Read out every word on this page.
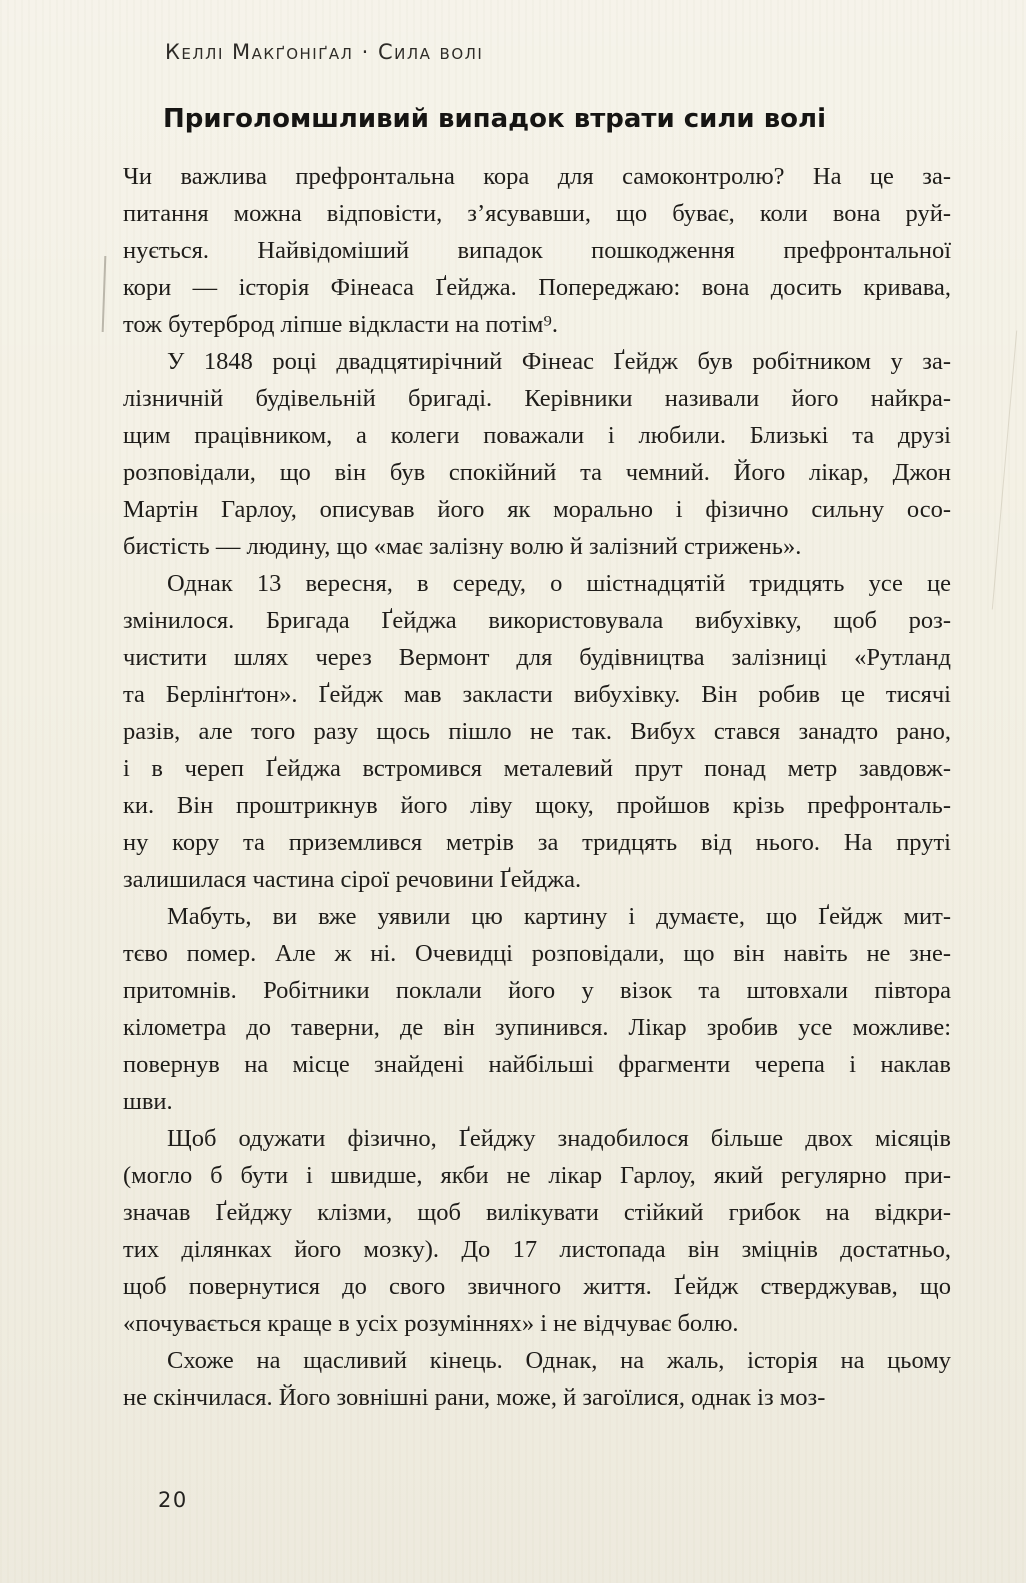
Келлі Макґоніґал · Сила волі
Приголомшливий випадок втрати сили волі
Чи важлива префронтальна кора для самоконтролю? На це за-
питання можна відповісти, з’ясувавши, що буває, коли вона руй-
нується. Найвідоміший випадок пошкодження префронтальної
кори — історія Фінеаса Ґейджа. Попереджаю: вона досить кривава,
тож бутерброд ліпше відкласти на потім⁹.
У 1848 році двадцятирічний Фінеас Ґейдж був робітником у за-
лізничній будівельній бригаді. Керівники називали його найкра-
щим працівником, а колеги поважали і любили. Близькі та друзі
розповідали, що він був спокійний та чемний. Його лікар, Джон
Мартін Гарлоу, описував його як морально і фізично сильну осо-
бистість — людину, що «має залізну волю й залізний стрижень».
Однак 13 вересня, в середу, о шістнадцятій тридцять усе це
змінилося. Бригада Ґейджа використовувала вибухівку, щоб роз-
чистити шлях через Вермонт для будівництва залізниці «Рутланд
та Берлінґтон». Ґейдж мав закласти вибухівку. Він робив це тисячі
разів, але того разу щось пішло не так. Вибух стався занадто рано,
і в череп Ґейджа встромився металевий прут понад метр завдовж-
ки. Він проштрикнув його ліву щоку, пройшов крізь префронталь-
ну кору та приземлився метрів за тридцять від нього. На пруті
залишилася частина сірої речовини Ґейджа.
Мабуть, ви вже уявили цю картину і думаєте, що Ґейдж мит-
тєво помер. Але ж ні. Очевидці розповідали, що він навіть не зне-
притомнів. Робітники поклали його у візок та штовхали півтора
кілометра до таверни, де він зупинився. Лікар зробив усе можливе:
повернув на місце знайдені найбільші фрагменти черепа і наклав
шви.
Щоб одужати фізично, Ґейджу знадобилося більше двох місяців
(могло б бути і швидше, якби не лікар Гарлоу, який регулярно при-
значав Ґейджу клізми, щоб вилікувати стійкий грибок на відкри-
тих ділянках його мозку). До 17 листопада він зміцнів достатньо,
щоб повернутися до свого звичного життя. Ґейдж стверджував, що
«почувається краще в усіх розуміннях» і не відчуває болю.
Схоже на щасливий кінець. Однак, на жаль, історія на цьому
не скінчилася. Його зовнішні рани, може, й загоїлися, однак із моз-
20
